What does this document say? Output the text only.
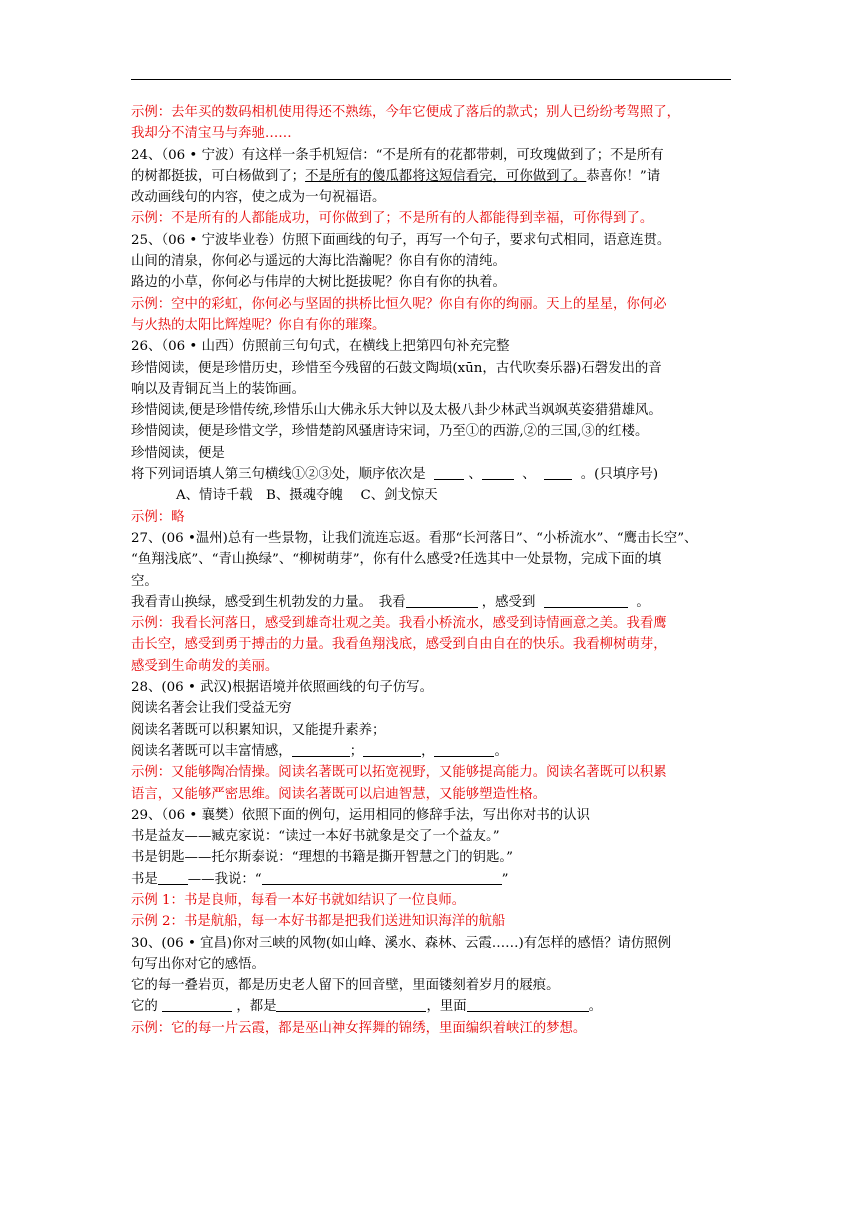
示例：去年买的数码相机使用得还不熟练，今年它便成了落后的款式；别人已纷纷考驾照了，
我却分不清宝马与奔驰……
24、（06 • 宁波）有这样一条手机短信：“不是所有的花都带刺，可玫瑰做到了；不是所有
的树都挺拔，可白杨做到了；不是所有的傻瓜都将这短信看完，可你做到了。恭喜你！”请
改动画线句的内容，使之成为一句祝福语。
示例：不是所有的人都能成功，可你做到了；不是所有的人都能得到幸福，可你得到了。
25、（06 • 宁波毕业卷）仿照下面画线的句子，再写一个句子，要求句式相同，语意连贯。
山间的清泉，你何必与遥远的大海比浩瀚呢？你自有你的清纯。
路边的小草，你何必与伟岸的大树比挺拔呢？你自有你的执着。
示例：空中的彩虹，你何必与坚固的拱桥比恒久呢？你自有你的绚丽。天上的星星，你何必
与火热的太阳比辉煌呢？你自有你的璀璨。
26、（06 • 山西）仿照前三句句式，在横线上把第四句补充完整
珍惜阅读，便是珍惜历史，珍惜至今残留的石鼓文陶埙(xūn，古代吹奏乐器)石磬发出的音
响以及青铜瓦当上的装饰画。
珍惜阅读,便是珍惜传统,珍惜乐山大佛永乐大钟以及太极八卦少林武当飒飒英姿猎猎雄风。
珍惜阅读，便是珍惜文学，珍惜楚韵风骚唐诗宋词，乃至①的西游,②的三国,③的红楼。
珍惜阅读，便是
将下列词语填人第三句横线①②③处，顺序依次是	、	、	。(只填序号)
A、情诗千载　B、摄魂夺魄　 C、剑戈惊天
示例：略
27、(06 •温州)总有一些景物，让我们流连忘返。看那“长河落日”、“小桥流水”、“鹰击长空”、
“鱼翔浅底”、“青山换绿”、“柳树萌芽”，你有什么感受?任选其中一处景物，完成下面的填
空。
我看青山换绿，感受到生机勃发的力量。　我看	，感受到	。
示例：我看长河落日，感受到雄奇壮观之美。我看小桥流水，感受到诗情画意之美。我看鹰
击长空，感受到勇于搏击的力量。我看鱼翔浅底，感受到自由自在的快乐。我看柳树萌芽，
感受到生命萌发的美丽。
28、(06 • 武汉)根据语境并依照画线的句子仿写。
阅读名著会让我们受益无穷
阅读名著既可以积累知识，又能提升素养；
阅读名著既可以丰富情感，	；	，	。
示例：又能够陶冶情操。阅读名著既可以拓宽视野，又能够提高能力。阅读名著既可以积累
语言，又能够严密思维。阅读名著既可以启迪智慧，又能够塑造性格。
29、（06 • 襄樊）依照下面的例句，运用相同的修辞手法，写出你对书的认识
书是益友——臧克家说：“读过一本好书就象是交了一个益友。”
书是钥匙——托尔斯泰说：“理想的书籍是撕开智慧之门的钥匙。”
书是 ——我说：“	”
示例 1：书是良师，每看一本好书就如结识了一位良师。
示例 2：书是航船，每一本好书都是把我们送进知识海洋的航船
30、(06 • 宜昌)你对三峡的风物(如山峰、溪水、森林、云霞……)有怎样的感悟？请仿照例
句写出你对它的感悟。
它的每一叠岩页，都是历史老人留下的回音壁，里面镂刻着岁月的屐痕。
它的	，都是	，里面	。
示例：它的每一片云霞，都是巫山神女挥舞的锦绣，里面编织着峡江的梦想。
